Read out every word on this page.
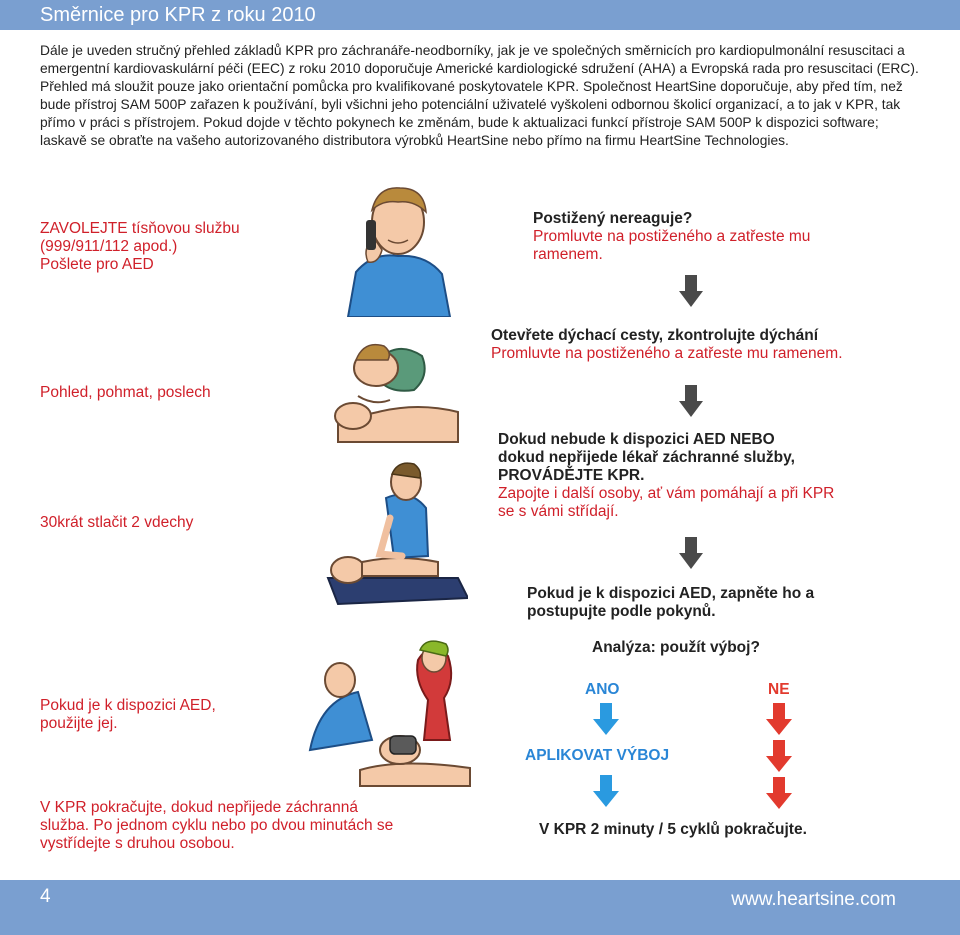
Směrnice pro KPR z roku 2010
Dále je uveden stručný přehled základů KPR pro záchranáře-neodborníky, jak je ve společných směrnicích pro kardiopulmonální resuscitaci a emergentní kardiovaskulární péči (EEC) z roku 2010 doporučuje Americké kardiologické sdružení (AHA) a Evropská rada pro resuscitaci (ERC). Přehled má sloužit pouze jako orientační pomůcka pro kvalifikované poskytovatele KPR. Společnost HeartSine doporučuje, aby před tím, než bude přístroj SAM 500P zařazen k používání, byli všichni jeho potenciální uživatelé vyškoleni odbornou školicí organizací, a to jak v KPR, tak přímo v práci s přístrojem. Pokud dojde v těchto pokynech ke změnám, bude k aktualizaci funkcí přístroje SAM 500P k dispozici software; laskavě se obraťte na vašeho autorizovaného distributora výrobků HeartSine nebo přímo na firmu HeartSine Technologies.
ZAVOLEJTE tísňovou službu
(999/911/112 apod.)
Pošlete pro AED
Pohled, pohmat, poslech
30krát stlačit 2 vdechy
Pokud je k dispozici AED,
použijte jej.
V KPR pokračujte, dokud nepřijede záchranná
služba. Po jednom cyklu nebo po dvou minutách se
vystřídejte s druhou osobou.
Postižený nereaguje?
Promluvte na postiženého a zatřeste mu
ramenem.
Otevřete dýchací cesty, zkontrolujte dýchání
Promluvte na postiženého a zatřeste mu ramenem.
Dokud nebude k dispozici AED NEBO
dokud nepřijede lékař záchranné služby,
PROVÁDĚJTE KPR.
Zapojte i další osoby, ať vám pomáhají a při KPR
se s vámi střídají.
Pokud je k dispozici AED, zapněte ho a
postupujte podle pokynů.
Analýza: použít výboj?
ANO	NE
APLIKOVAT VÝBOJ
V KPR 2 minuty / 5 cyklů pokračujte.
4	www.heartsine.com
